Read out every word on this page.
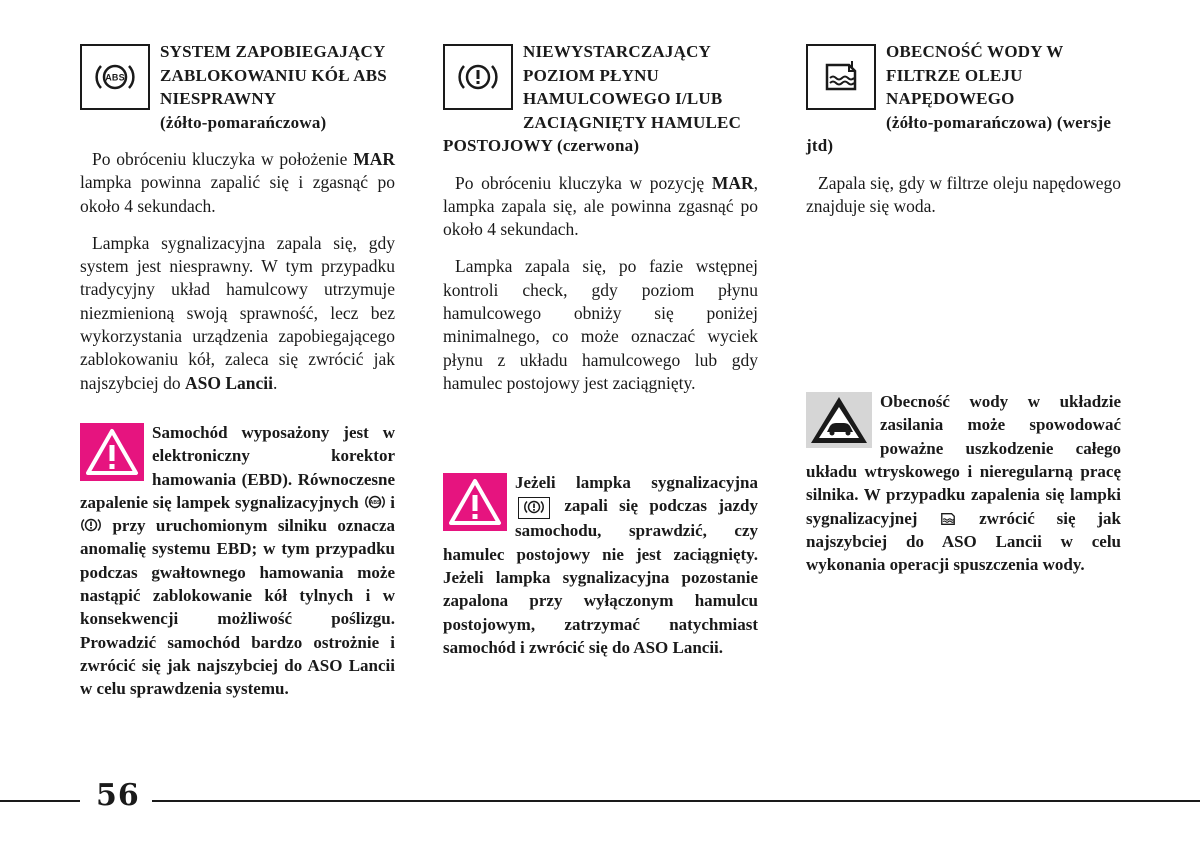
ABS
SYSTEM ZAPOBIEGAJĄCY ZABLOKOWANIU KÓŁ ABS NIESPRAWNY
(żółto-pomarańczowa)

Po obróceniu kluczyka w położenie MAR lampka powinna zapalić się i zgasnąć po około 4 sekundach.

Lampka sygnalizacyjna zapala się, gdy system jest niesprawny. W tym przypadku tradycyjny układ hamulcowy utrzymuje niezmienioną swoją sprawność, lecz bez wykorzystania urządzenia zapobiegającego zablokowaniu kół, zaleca się zwrócić jak najszybciej do ASO Lancii.

Samochód wyposażony jest w elektroniczny korektor hamowania (EBD). Równoczesne zapalenie się lampek sygnalizacyjnych ABS i  przy uruchomionym silniku oznacza anomalię systemu EBD; w tym przypadku podczas gwałtownego hamowania może nastąpić zablokowanie kół tylnych i w konsekwencji możliwość poślizgu. Prowadzić samochód bardzo ostrożnie i zwrócić się jak najszybciej do ASO Lancii w celu sprawdzenia systemu.
NIEWYSTARCZAJĄCY POZIOM PŁYNU HAMULCOWEGO I/LUB ZACIĄGNIĘTY HAMULEC POSTOJOWY (czerwona)

Po obróceniu kluczyka w pozycję MAR, lampka zapala się, ale powinna zgasnąć po około 4 sekundach.

Lampka zapala się, po fazie wstępnej kontroli check, gdy poziom płynu hamulcowego obniży się poniżej minimalnego, co może oznaczać wyciek płynu z układu hamulcowego lub gdy hamulec postojowy jest zaciągnięty.

Jeżeli lampka sygnalizacyjna  zapali się podczas jazdy samochodu, sprawdzić, czy hamulec postojowy nie jest zaciągnięty. Jeżeli lampka sygnalizacyjna pozostanie zapalona przy wyłączonym hamulcu postojowym, zatrzymać natychmiast samochód i zwrócić się do ASO Lancii.
OBECNOŚĆ WODY W FILTRZE OLEJU NAPĘDOWEGO
(żółto-pomarańczowa) (wersje jtd)

Zapala się, gdy w filtrze oleju napędowego znajduje się woda.

Obecność wody w układzie zasilania może spowodować poważne uszkodzenie całego układu wtryskowego i nieregularną pracę silnika. W przypadku zapalenia się lampki sygnalizacyjnej  zwrócić się jak najszybciej do ASO Lancii w celu wykonania operacji spuszczenia wody.
56
